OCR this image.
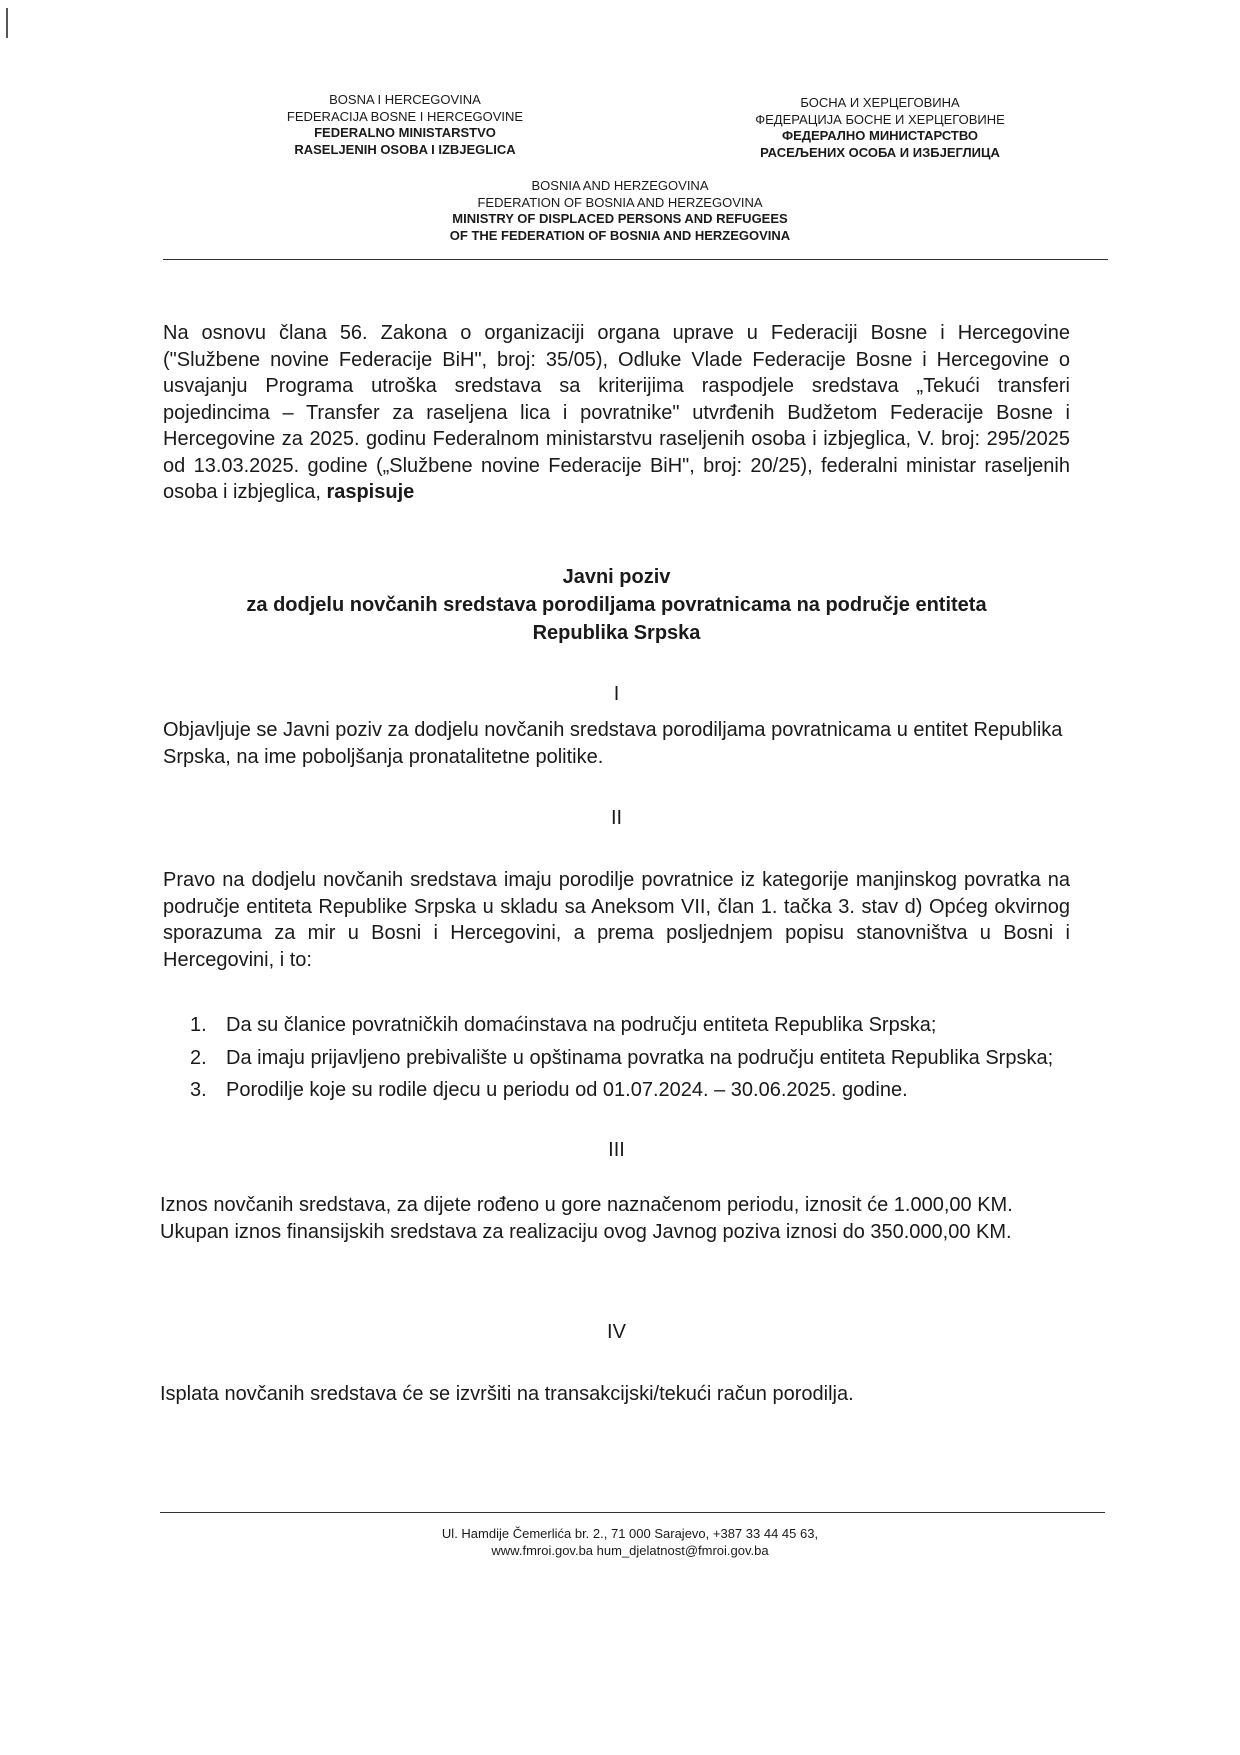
BOSNA I HERCEGOVINA
FEDERACIJA BOSNE I HERCEGOVINE
FEDERALNO MINISTARSTVO
RASELJENIH OSOBA I IZBJEGLICA
БОСНА И ХЕРЦЕГОВИНА
ФЕДЕРАЦИЈА БОСНЕ И ХЕРЦЕГОВИНЕ
ФЕДЕРАЛНО МИНИСТАРСТВО
РАСЕЉЕНИХ ОСОБА И ИЗБЈЕГЛИЦА
BOSNIA AND HERZEGOVINA
FEDERATION OF BOSNIA AND HERZEGOVINA
MINISTRY OF DISPLACED PERSONS AND REFUGEES
OF THE FEDERATION OF BOSNIA AND HERZEGOVINA
Na osnovu člana 56. Zakona o organizaciji organa uprave u Federaciji Bosne i Hercegovine ("Službene novine Federacije BiH", broj: 35/05), Odluke Vlade Federacije Bosne i Hercegovine o usvajanju Programa utroška sredstava sa kriterijima raspodjele sredstava „Tekući transferi pojedincima – Transfer za raseljena lica i povratnike" utvrđenih Budžetom Federacije Bosne i Hercegovine za 2025. godinu Federalnom ministarstvu raseljenih osoba i izbjeglica, V. broj: 295/2025 od 13.03.2025. godine („Službene novine Federacije BiH", broj: 20/25), federalni ministar raseljenih osoba i izbjeglica, raspisuje
Javni poziv
za dodjelu novčanih sredstava porodiljama povratnicama na područje entiteta
Republika Srpska
I
Objavljuje se Javni poziv za dodjelu novčanih sredstava porodiljama povratnicama u entitet Republika Srpska, na ime poboljšanja pronatalitetne politike.
II
Pravo na dodjelu novčanih sredstava imaju porodilje povratnice iz kategorije manjinskog povratka na područje entiteta Republike Srpska u skladu sa Aneksom VII, član 1. tačka 3. stav d) Općeg okvirnog sporazuma za mir u Bosni i Hercegovini, a prema posljednjem popisu stanovništva u Bosni i Hercegovini, i to:
1. Da su članice povratničkih domaćinstava na području entiteta Republika Srpska;
2. Da imaju prijavljeno prebivalište u opštinama povratka na području entiteta Republika Srpska;
3. Porodilje koje su rodile djecu u periodu od 01.07.2024. – 30.06.2025. godine.
III
Iznos novčanih sredstava, za dijete rođeno u gore naznačenom periodu, iznosit će 1.000,00 KM.
Ukupan iznos finansijskih sredstava za realizaciju ovog Javnog poziva iznosi do 350.000,00 KM.
IV
Isplata novčanih sredstava će se izvršiti na transakcijski/tekući račun porodilja.
Ul. Hamdije Čemerlića br. 2., 71 000 Sarajevo, +387 33 44 45 63,
www.fmroi.gov.ba hum_djelatnost@fmroi.gov.ba
